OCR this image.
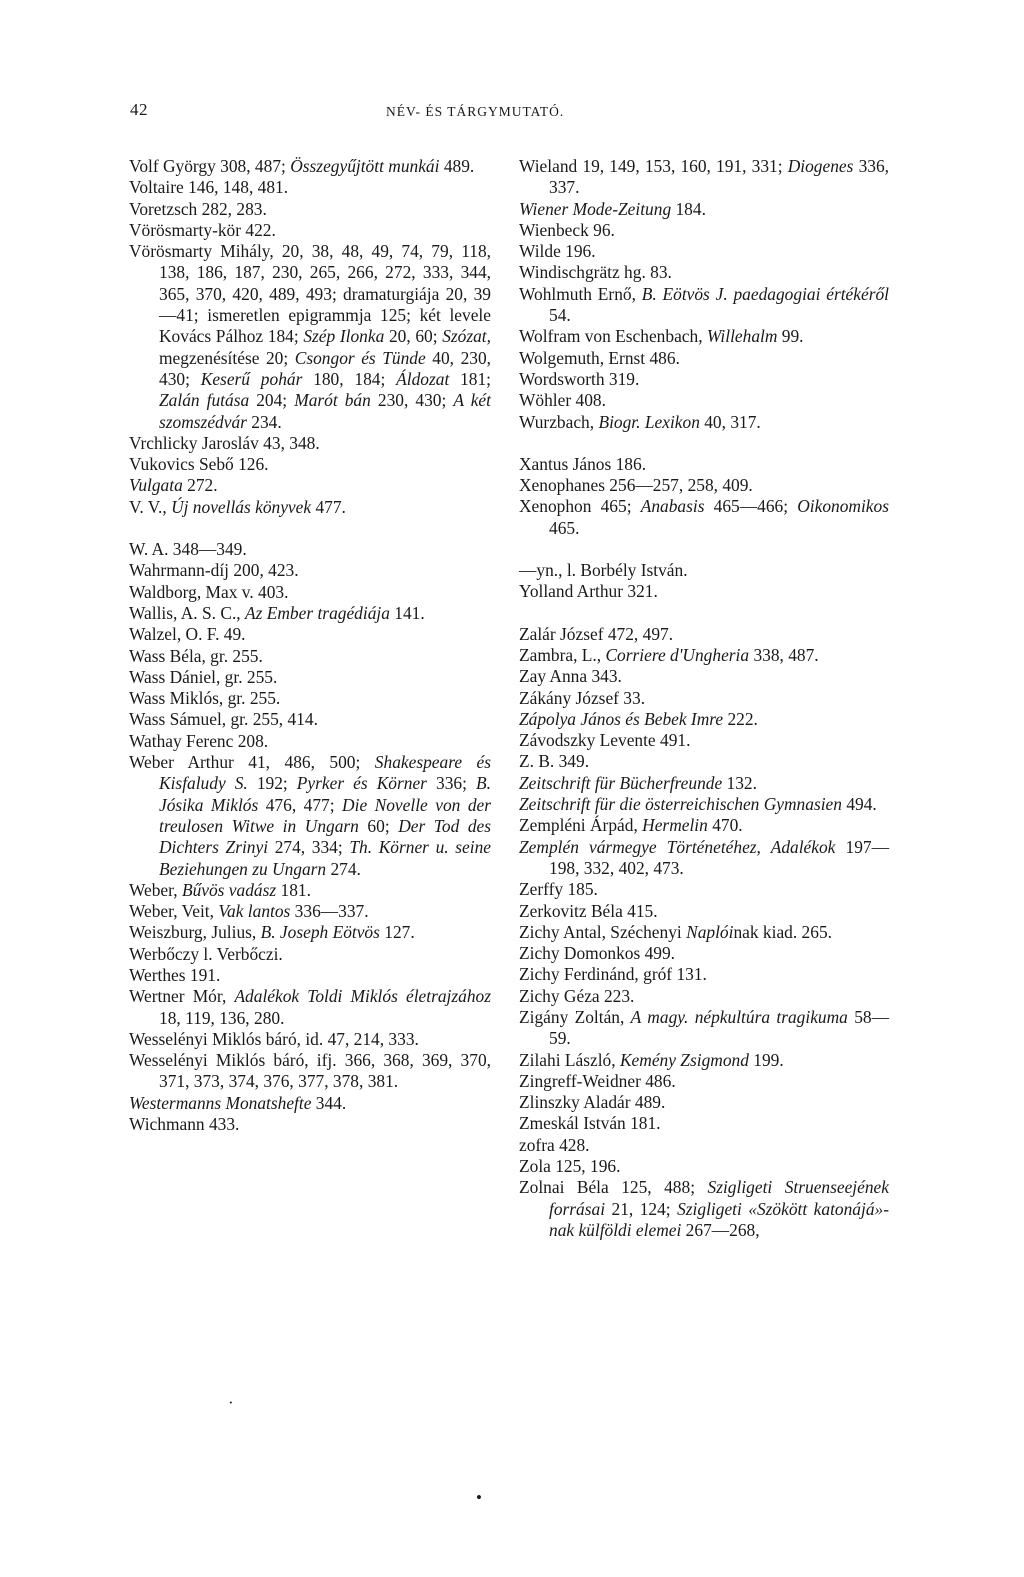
42	NÉV- ÉS TÁRGYMUTATÓ.

Volf György 308, 487; Összegyűjtött munkái 489.

Voltaire 146, 148, 481.

Voretzsch 282, 283.

Vörösmarty-kör 422.

Vörösmarty Mihály, 20, 38, 48, 49, 74, 79, 118, 138, 186, 187, 230, 265, 266, 272, 333, 344, 365, 370, 420, 489, 493; dramaturgiája 20, 39—41; ismeretlen epigrammja 125; két levele Kovács Pálhoz 184; Szép Ilonka 20, 60; Szózat, megzenésítése 20; Csongor és Tünde 40, 230, 430; Keserű pohár 180, 184; Áldozat 181; Zalán futása 204; Marót bán 230, 430; A két szomszédvár 234.

Vrchlicky Jarosláv 43, 348.

Vukovics Sebő 126.

Vulgata 272.

V. V., Új novellás könyvek 477.

W. A. 348—349.

Wahrmann-díj 200, 423.

Waldborg, Max v. 403.

Wallis, A. S. C., Az Ember tragédiája 141.

Walzel, O. F. 49.

Wass Béla, gr. 255.

Wass Dániel, gr. 255.

Wass Miklós, gr. 255.

Wass Sámuel, gr. 255, 414.

Wathay Ferenc 208.

Weber Arthur 41, 486, 500; Shakespeare és Kisfaludy S. 192; Pyrker és Körner 336; B. Jósika Miklós 476, 477; Die Novelle von der treulosen Witwe in Ungarn 60; Der Tod des Dichters Zrinyi 274, 334; Th. Körner u. seine Beziehungen zu Ungarn 274.

Weber, Bűvös vadász 181.

Weber, Veit, Vak lantos 336—337.

Weiszburg, Julius, B. Joseph Eötvös 127.

Werbőczy l. Verbőczi.

Werthes 191.

Wertner Mór, Adalékok Toldi Miklós életrajzához 18, 119, 136, 280.

Wesselényi Miklós báró, id. 47, 214, 333.

Wesselényi Miklós báró, ifj. 366, 368, 369, 370, 371, 373, 374, 376, 377, 378, 381.

Westermanns Monatshefte 344.

Wichmann 433.

Wieland 19, 149, 153, 160, 191, 331; Diogenes 336, 337.

Wiener Mode-Zeitung 184.

Wienbeck 96.

Wilde 196.

Windischgrätz hg. 83.

Wohlmuth Ernő, B. Eötvös J. paedagogiai értékéről 54.

Wolfram von Eschenbach, Willehalm 99.

Wolgemuth, Ernst 486.

Wordsworth 319.

Wöhler 408.

Wurzbach, Biogr. Lexikon 40, 317.

Xantus János 186.

Xenophanes 256—257, 258, 409.

Xenophon 465; Anabasis 465—466; Oikonomikos 465.

—yn., l. Borbély István.

Yolland Arthur 321.

Zalár József 472, 497.

Zambra, L., Corriere d'Ungheria 338, 487.

Zay Anna 343.

Zákány József 33.

Zápolya János és Bebek Imre 222.

Závodszky Levente 491.

Z. B. 349.

Zeitschrift für Bücherfreunde 132.

Zeitschrift für die österreichischen Gymnasien 494.

Zempléni Árpád, Hermelin 470.

Zemplén vármegye Történetéhez, Adalékok 197—198, 332, 402, 473.

Zerffy 185.

Zerkovitz Béla 415.

Zichy Antal, Széchenyi Naplóinak kiad. 265.

Zichy Domonkos 499.

Zichy Ferdinánd, gróf 131.

Zichy Géza 223.

Zigány Zoltán, A magy. népkultúra tragikuma 58—59.

Zilahi László, Kemény Zsigmond 199.

Zingreff-Weidner 486.

Zlinszky Aladár 489.

Zmeskál István 181.

zofra 428.

Zola 125, 196.

Zolnai Béla 125, 488; Szigligeti Struenseejének forrásai 21, 124; Szigligeti «Szökött katonájá»-nak külföldi elemei 267—268,

·
•
